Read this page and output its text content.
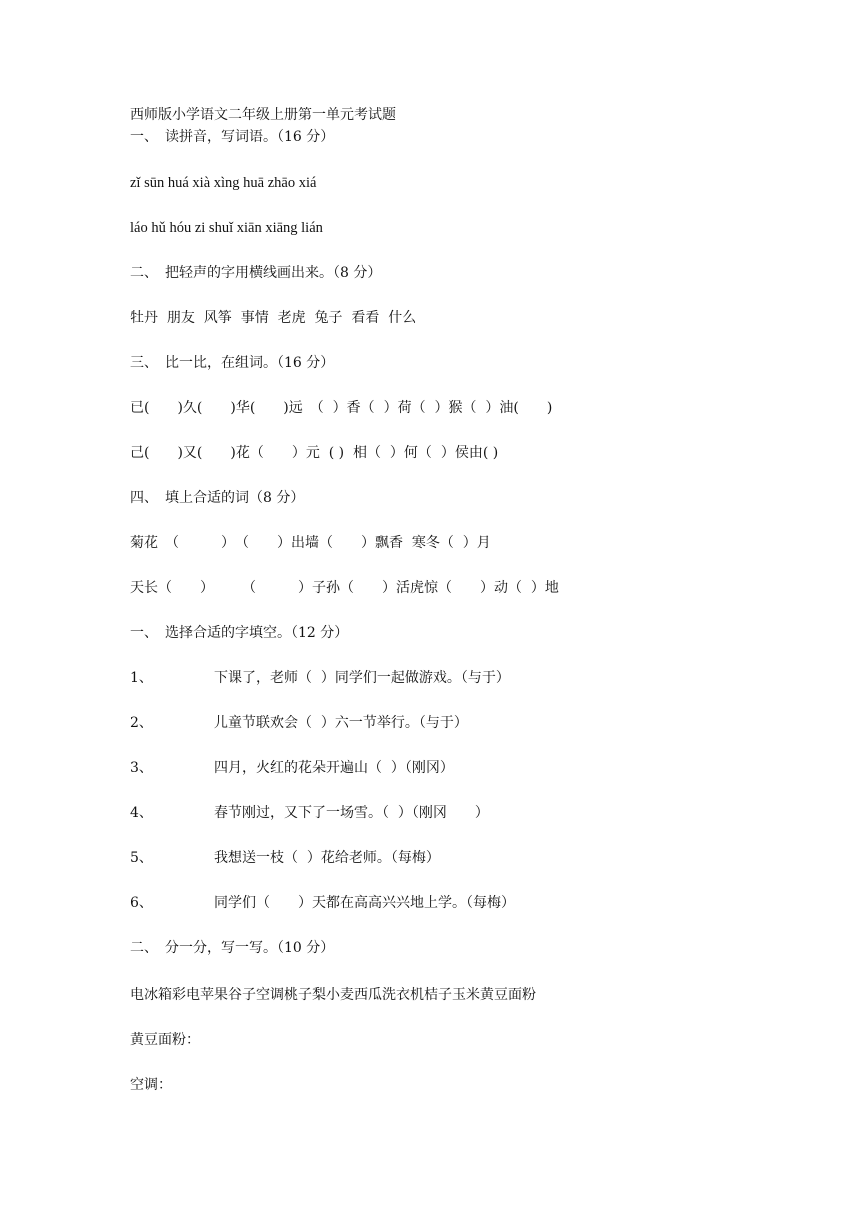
西师版小学语文二年级上册第一单元考试题
一、　读拼音，写词语。（16 分）
zǐ sūn huá xià xìng huā zhāo xiá
láo hǔ hóu zi shuǐ xiān xiāng lián
二、　把轻声的字用横线画出来。（8 分）
牡丹  朋友  风筝  事情  老虎  兔子  看看  什么
三、　比一比，在组词。（16 分）
已(　　)久(　　)华(　　)远　（  ）香（  ）荷（  ）猴（  ）油(　　)
己(　　)又(　　)花（　　）元  ( )  相（  ）何（  ）侯由( )
四、　填上合适的词（8 分）
菊花　（　　　）　（　　）出墙（　　）飘香  寒冬（  ）月
天长（　　）　　　（　　　）子孙（　　）活虎惊（　　）动（  ）地
一、　选择合适的字填空。（12 分）
1、	下课了，老师（  ）同学们一起做游戏。（与于）
2、	儿童节联欢会（  ）六一节举行。（与于）
3、	四月，火红的花朵开遍山（  ）（刚冈）
4、	春节刚过，又下了一场雪。（  ）（刚冈　　）
5、	我想送一枝（  ）花给老师。（每梅）
6、	同学们（　　）天都在高高兴兴地上学。（每梅）
二、　分一分，写一写。（10 分）
电冰箱彩电苹果谷子空调桃子梨小麦西瓜洗衣机桔子玉米黄豆面粉
黄豆面粉：
空调：
